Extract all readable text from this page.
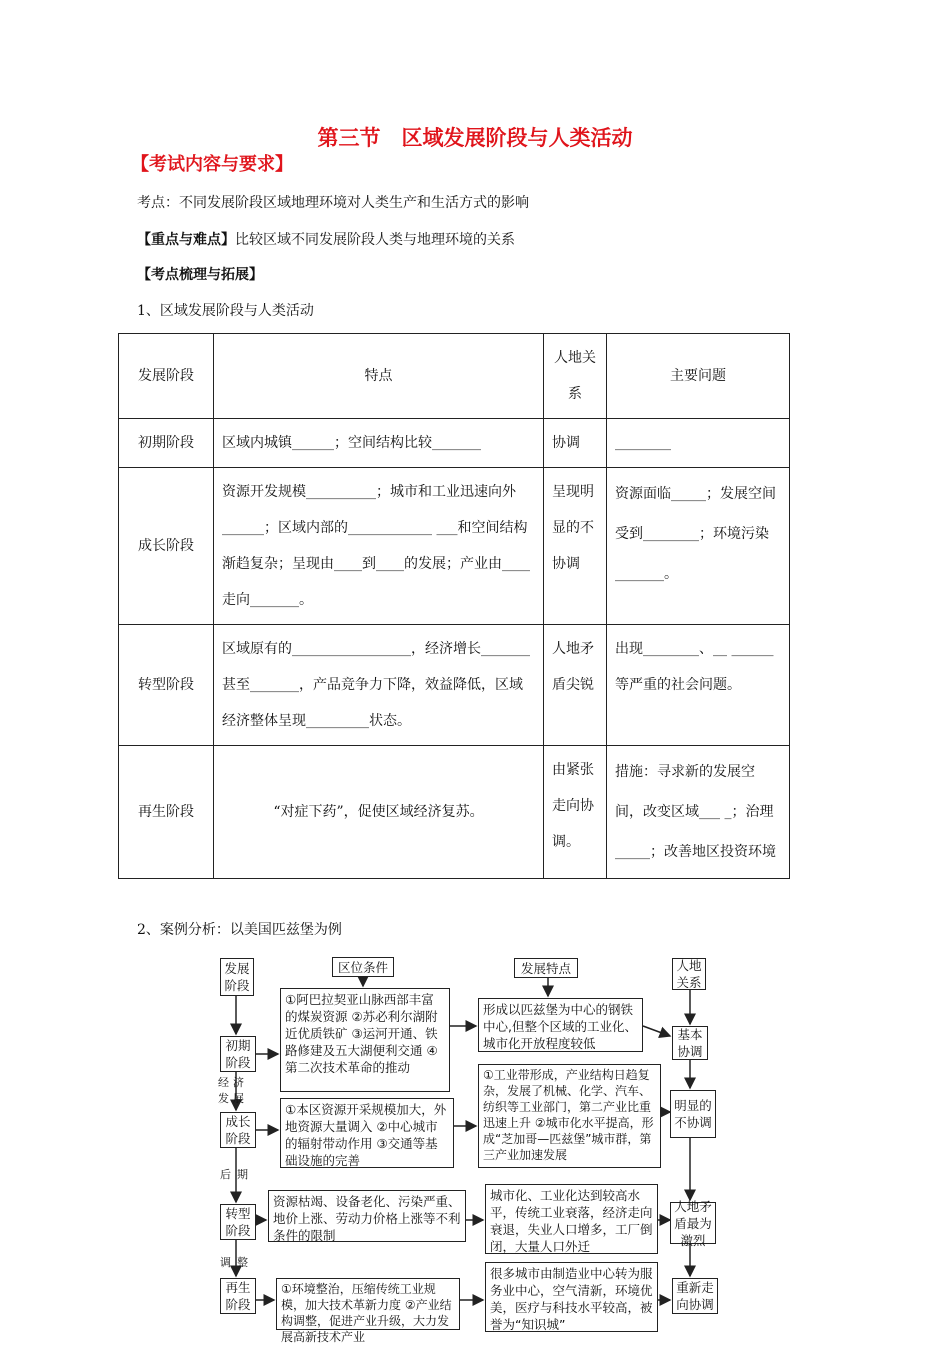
第三节　区域发展阶段与人类活动
【考试内容与要求】
考点：不同发展阶段区域地理环境对人类生产和生活方式的影响
【重点与难点】比较区域不同发展阶段人类与地理环境的关系
【考点梳理与拓展】
1、区域发展阶段与人类活动
发展阶段	特点	人地关系	主要问题
初期阶段	区域内城镇______；空间结构比较_______	协调	________
成长阶段	资源开发规模__________；城市和工业迅速向外______；区域内部的____________ ___和空间结构渐趋复杂；呈现由____到____的发展；产业由____走向_______。	呈现明显的不协调	资源面临_____；发展空间受到________；环境污染_______。
转型阶段	区域原有的_________________，经济增长_______甚至_______，产品竞争力下降，效益降低，区域经济整体呈现_________状态。	人地矛盾尖锐	出现________、__ ______等严重的社会问题。
再生阶段	“对症下药”，促使区域经济复苏。	由紧张走向协调。	措施：寻求新的发展空间，改变区域___ _；治理_____；改善地区投资环境
2、案例分析：以美国匹兹堡为例
发展阶段
区位条件	发展特点	人地关系
初期阶段
成长阶段
转型阶段
再生阶段
经济发展
后期
调整
①阿巴拉契亚山脉西部丰富的煤炭资源 ②苏必利尔湖附近优质铁矿 ③运河开通、铁路修建及五大湖便利交通 ④第二次技术革命的推动
①本区资源开采规模加大，外地资源大量调入 ②中心城市的辐射带动作用 ③交通等基础设施的完善
资源枯竭、设备老化、污染严重、地价上涨、劳动力价格上涨等不利条件的限制
①环境整治，压缩传统工业规模，加大技术革新力度 ②产业结构调整，促进产业升级，大力发展高新技术产业
形成以匹兹堡为中心的钢铁中心,但整个区域的工业化、城市化开放程度较低
①工业带形成，产业结构日趋复杂，发展了机械、化学、汽车、纺织等工业部门，第二产业比重迅速上升 ②城市化水平提高，形成“芝加哥—匹兹堡”城市群，第三产业加速发展
城市化、工业化达到较高水平，传统工业衰落，经济走向衰退，失业人口增多，工厂倒闭，大量人口外迁
很多城市由制造业中心转为服务业中心，空气清新，环境优美，医疗与科技水平较高，被誉为“知识城”
基本协调
明显的不协调
人地矛盾最为激烈
重新走向协调
